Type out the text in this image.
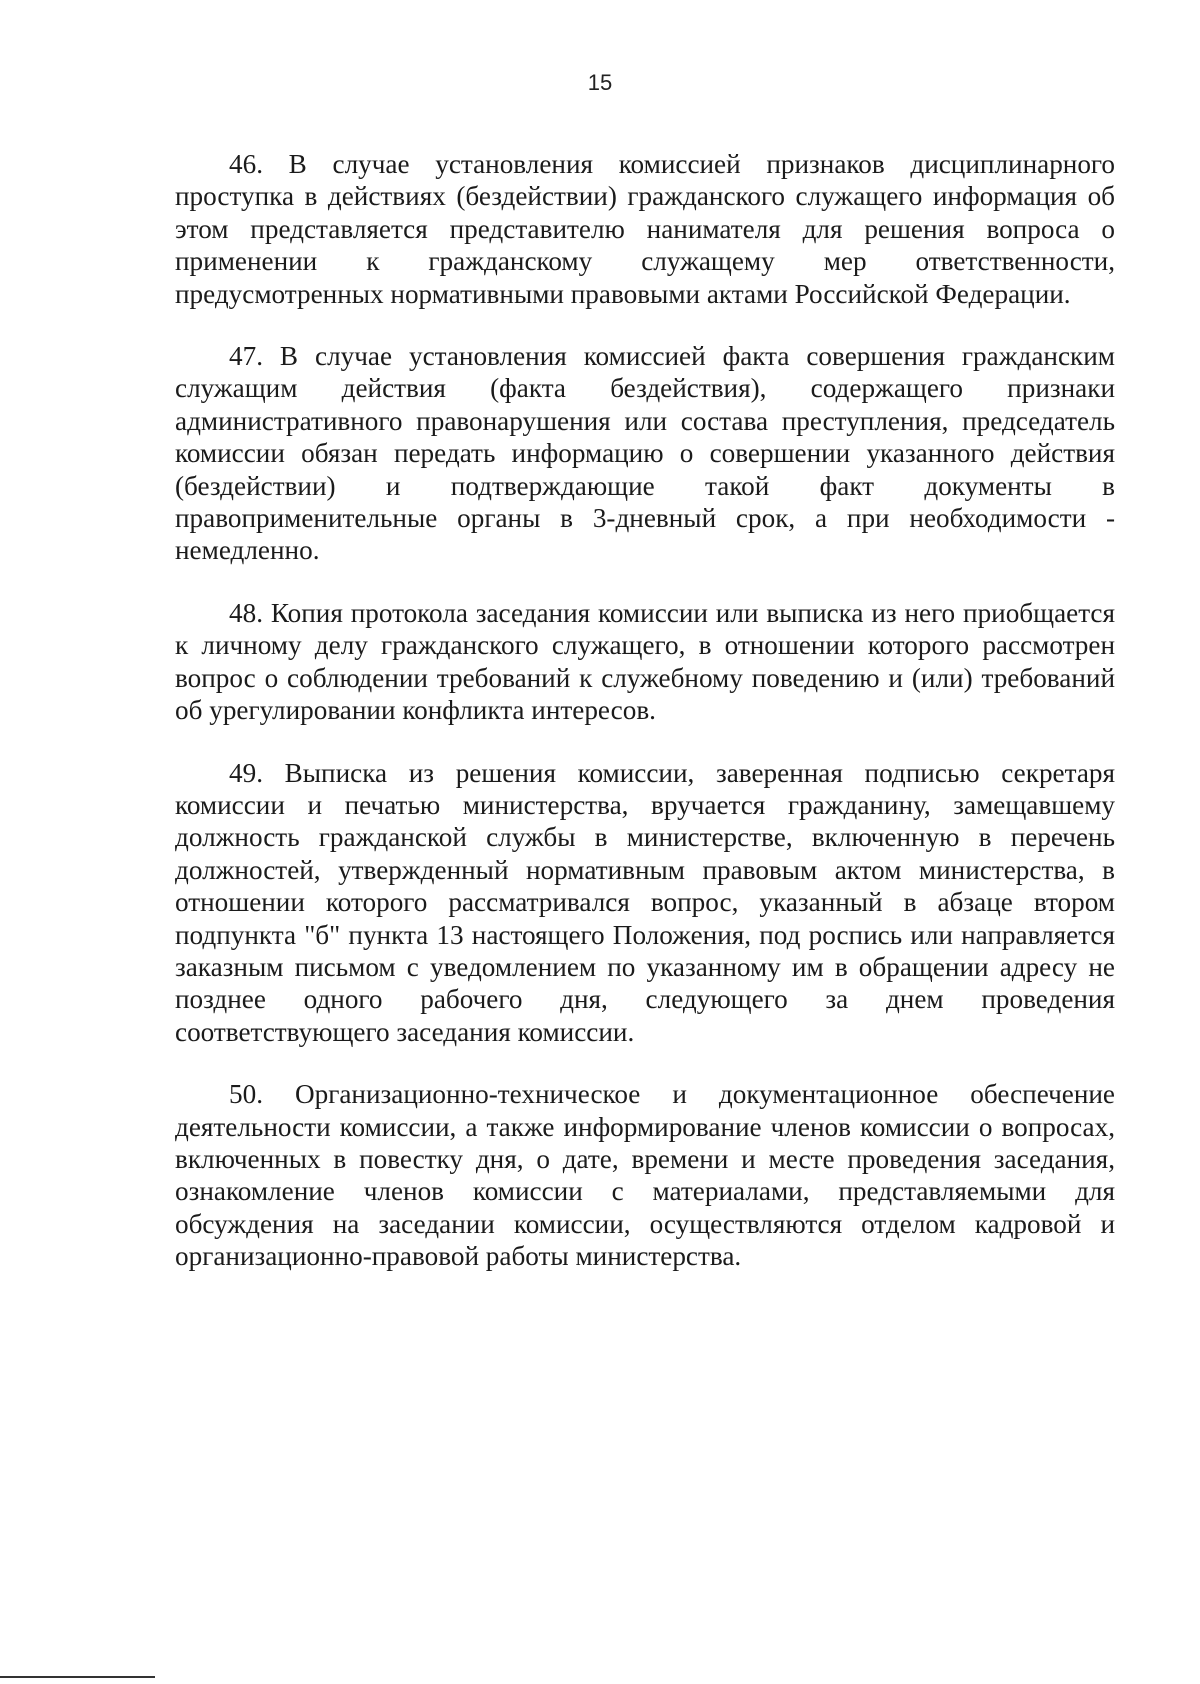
15

46. В случае установления комиссией признаков дисциплинарного проступка в действиях (бездействии) гражданского служащего информация об этом представляется представителю нанимателя для решения вопроса о применении к гражданскому служащему мер ответственности, предусмотренных нормативными правовыми актами Российской Федерации.

47. В случае установления комиссией факта совершения гражданским служащим действия (факта бездействия), содержащего признаки административного правонарушения или состава преступления, председатель комиссии обязан передать информацию о совершении указанного действия (бездействии) и подтверждающие такой факт документы в правоприменительные органы в 3-дневный срок, а при необходимости - немедленно.

48. Копия протокола заседания комиссии или выписка из него приобщается к личному делу гражданского служащего, в отношении которого рассмотрен вопрос о соблюдении требований к служебному поведению и (или) требований об урегулировании конфликта интересов.

49. Выписка из решения комиссии, заверенная подписью секретаря комиссии и печатью министерства, вручается гражданину, замещавшему должность гражданской службы в министерстве, включенную в перечень должностей, утвержденный нормативным правовым актом министерства, в отношении которого рассматривался вопрос, указанный в абзаце втором подпункта "б" пункта 13 настоящего Положения, под роспись или направляется заказным письмом с уведомлением по указанному им в обращении адресу не позднее одного рабочего дня, следующего за днем проведения соответствующего заседания комиссии.

50. Организационно-техническое и документационное обеспечение деятельности комиссии, а также информирование членов комиссии о вопросах, включенных в повестку дня, о дате, времени и месте проведения заседания, ознакомление членов комиссии с материалами, представляемыми для обсуждения на заседании комиссии, осуществляются отделом кадровой и организационно-правовой работы министерства.
